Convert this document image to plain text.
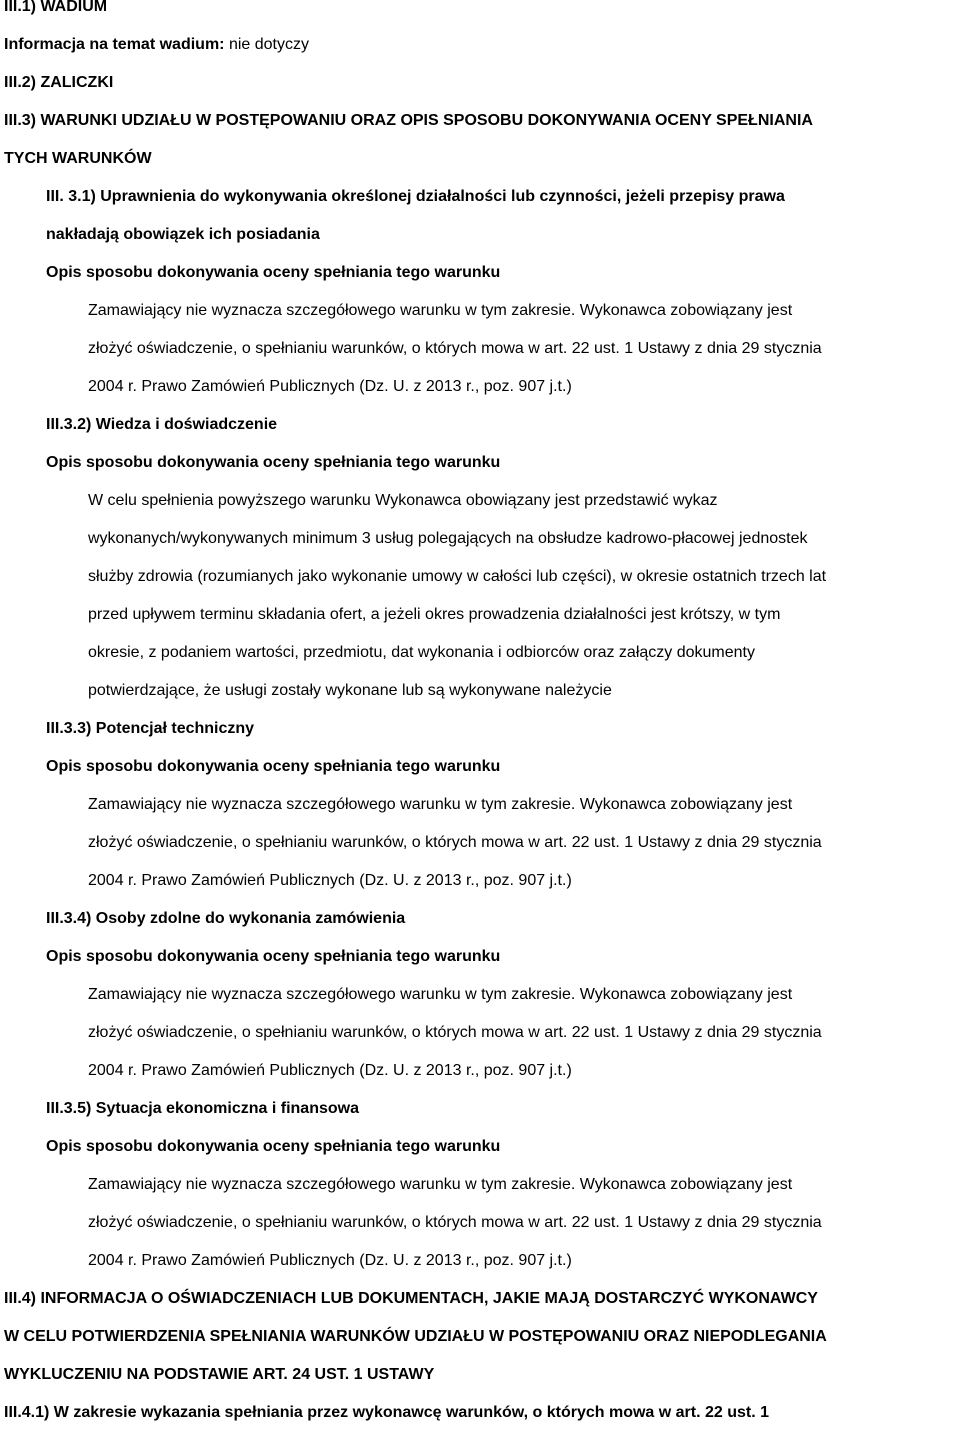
III.1) WADIUM
Informacja na temat wadium: nie dotyczy
III.2) ZALICZKI
III.3) WARUNKI UDZIAŁU W POSTĘPOWANIU ORAZ OPIS SPOSOBU DOKONYWANIA OCENY SPEŁNIANIA
TYCH WARUNKÓW
III. 3.1) Uprawnienia do wykonywania określonej działalności lub czynności, jeżeli przepisy prawa
nakładają obowiązek ich posiadania
Opis sposobu dokonywania oceny spełniania tego warunku
Zamawiający nie wyznacza szczegółowego warunku w tym zakresie. Wykonawca zobowiązany jest
złożyć oświadczenie, o spełnianiu warunków, o których mowa w art. 22 ust. 1 Ustawy z dnia 29 stycznia
2004 r. Prawo Zamówień Publicznych (Dz. U. z 2013 r., poz. 907 j.t.)
III.3.2) Wiedza i doświadczenie
Opis sposobu dokonywania oceny spełniania tego warunku
W celu spełnienia powyższego warunku Wykonawca obowiązany jest przedstawić wykaz
wykonanych/wykonywanych minimum 3 usług polegających na obsłudze kadrowo-płacowej jednostek
służby zdrowia (rozumianych jako wykonanie umowy w całości lub części), w okresie ostatnich trzech lat
przed upływem terminu składania ofert, a jeżeli okres prowadzenia działalności jest krótszy, w tym
okresie, z podaniem wartości, przedmiotu, dat wykonania i odbiorców oraz załączy dokumenty
potwierdzające, że usługi zostały wykonane lub są wykonywane należycie
III.3.3) Potencjał techniczny
Opis sposobu dokonywania oceny spełniania tego warunku
Zamawiający nie wyznacza szczegółowego warunku w tym zakresie. Wykonawca zobowiązany jest
złożyć oświadczenie, o spełnianiu warunków, o których mowa w art. 22 ust. 1 Ustawy z dnia 29 stycznia
2004 r. Prawo Zamówień Publicznych (Dz. U. z 2013 r., poz. 907 j.t.)
III.3.4) Osoby zdolne do wykonania zamówienia
Opis sposobu dokonywania oceny spełniania tego warunku
Zamawiający nie wyznacza szczegółowego warunku w tym zakresie. Wykonawca zobowiązany jest
złożyć oświadczenie, o spełnianiu warunków, o których mowa w art. 22 ust. 1 Ustawy z dnia 29 stycznia
2004 r. Prawo Zamówień Publicznych (Dz. U. z 2013 r., poz. 907 j.t.)
III.3.5) Sytuacja ekonomiczna i finansowa
Opis sposobu dokonywania oceny spełniania tego warunku
Zamawiający nie wyznacza szczegółowego warunku w tym zakresie. Wykonawca zobowiązany jest
złożyć oświadczenie, o spełnianiu warunków, o których mowa w art. 22 ust. 1 Ustawy z dnia 29 stycznia
2004 r. Prawo Zamówień Publicznych (Dz. U. z 2013 r., poz. 907 j.t.)
III.4) INFORMACJA O OŚWIADCZENIACH LUB DOKUMENTACH, JAKIE MAJĄ DOSTARCZYĆ WYKONAWCY
W CELU POTWIERDZENIA SPEŁNIANIA WARUNKÓW UDZIAŁU W POSTĘPOWANIU ORAZ NIEPODLEGANIA
WYKLUCZENIU NA PODSTAWIE ART. 24 UST. 1 USTAWY
III.4.1) W zakresie wykazania spełniania przez wykonawcę warunków, o których mowa w art. 22 ust. 1
